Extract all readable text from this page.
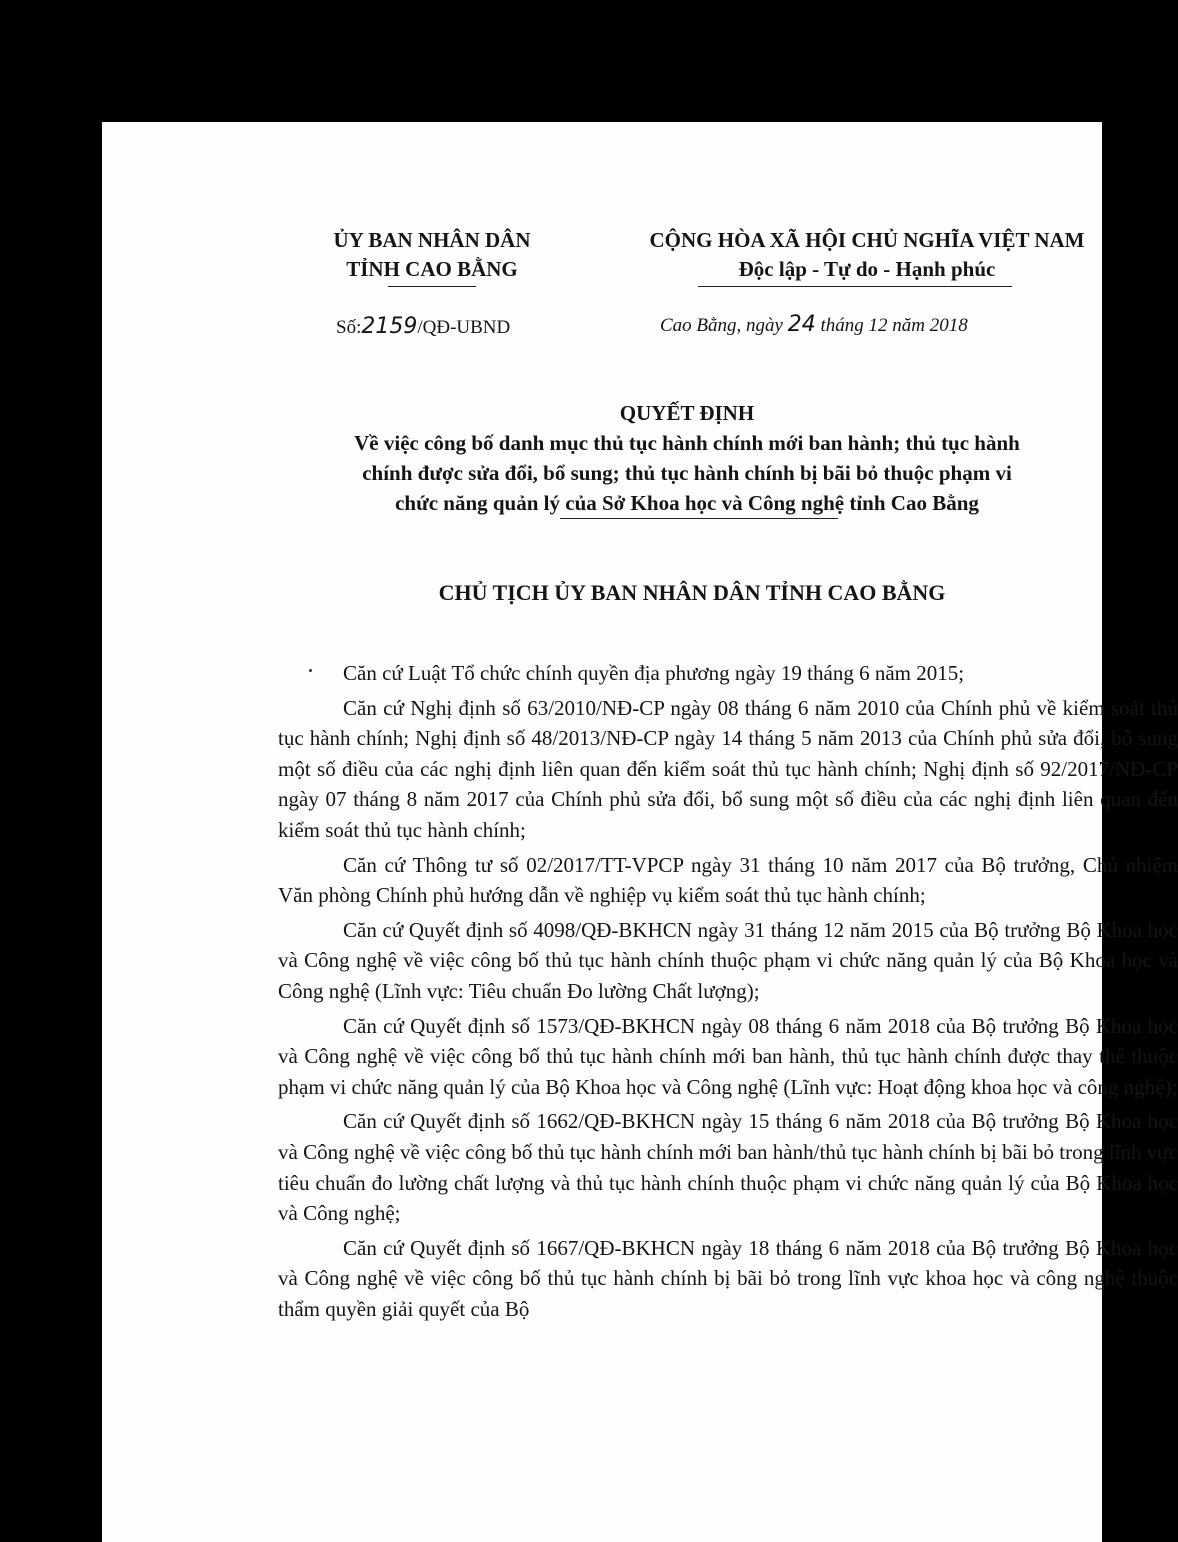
ỦY BAN NHÂN DÂN
TỈNH CAO BẰNG
CỘNG HÒA XÃ HỘI CHỦ NGHĨA VIỆT NAM
Độc lập - Tự do - Hạnh phúc
Số:2159/QĐ-UBND	Cao Bằng, ngày 24 tháng 12 năm 2018
QUYẾT ĐỊNH
Về việc công bố danh mục thủ tục hành chính mới ban hành; thủ tục hành
chính được sửa đổi, bổ sung; thủ tục hành chính bị bãi bỏ thuộc phạm vi
chức năng quản lý của Sở Khoa học và Công nghệ tỉnh Cao Bằng
CHỦ TỊCH ỦY BAN NHÂN DÂN TỈNH CAO BẰNG

Căn cứ Luật Tổ chức chính quyền địa phương ngày 19 tháng 6 năm 2015;

Căn cứ Nghị định số 63/2010/NĐ-CP ngày 08 tháng 6 năm 2010 của Chính phủ về kiểm soát thủ tục hành chính; Nghị định số 48/2013/NĐ-CP ngày 14 tháng 5 năm 2013 của Chính phủ sửa đổi, bổ sung một số điều của các nghị định liên quan đến kiểm soát thủ tục hành chính; Nghị định số 92/2017/NĐ-CP ngày 07 tháng 8 năm 2017 của Chính phủ sửa đổi, bổ sung một số điều của các nghị định liên quan đến kiểm soát thủ tục hành chính;

Căn cứ Thông tư số 02/2017/TT-VPCP ngày 31 tháng 10 năm 2017 của Bộ trưởng, Chủ nhiệm Văn phòng Chính phủ hướng dẫn về nghiệp vụ kiểm soát thủ tục hành chính;

Căn cứ Quyết định số 4098/QĐ-BKHCN ngày 31 tháng 12 năm 2015 của Bộ trưởng Bộ Khoa học và Công nghệ về việc công bố thủ tục hành chính thuộc phạm vi chức năng quản lý của Bộ Khoa học và Công nghệ (Lĩnh vực: Tiêu chuẩn Đo lường Chất lượng);

Căn cứ Quyết định số 1573/QĐ-BKHCN ngày 08 tháng 6 năm 2018 của Bộ trưởng Bộ Khoa học và Công nghệ về việc công bố thủ tục hành chính mới ban hành, thủ tục hành chính được thay thế thuộc phạm vi chức năng quản lý của Bộ Khoa học và Công nghệ (Lĩnh vực: Hoạt động khoa học và công nghệ);

Căn cứ Quyết định số 1662/QĐ-BKHCN ngày 15 tháng 6 năm 2018 của Bộ trưởng Bộ Khoa học và Công nghệ về việc công bố thủ tục hành chính mới ban hành/thủ tục hành chính bị bãi bỏ trong lĩnh vực tiêu chuẩn đo lường chất lượng và thủ tục hành chính thuộc phạm vi chức năng quản lý của Bộ Khoa học và Công nghệ;

Căn cứ Quyết định số 1667/QĐ-BKHCN ngày 18 tháng 6 năm 2018 của Bộ trưởng Bộ Khoa học và Công nghệ về việc công bố thủ tục hành chính bị bãi bỏ trong lĩnh vực khoa học và công nghệ thuộc thẩm quyền giải quyết của Bộ
